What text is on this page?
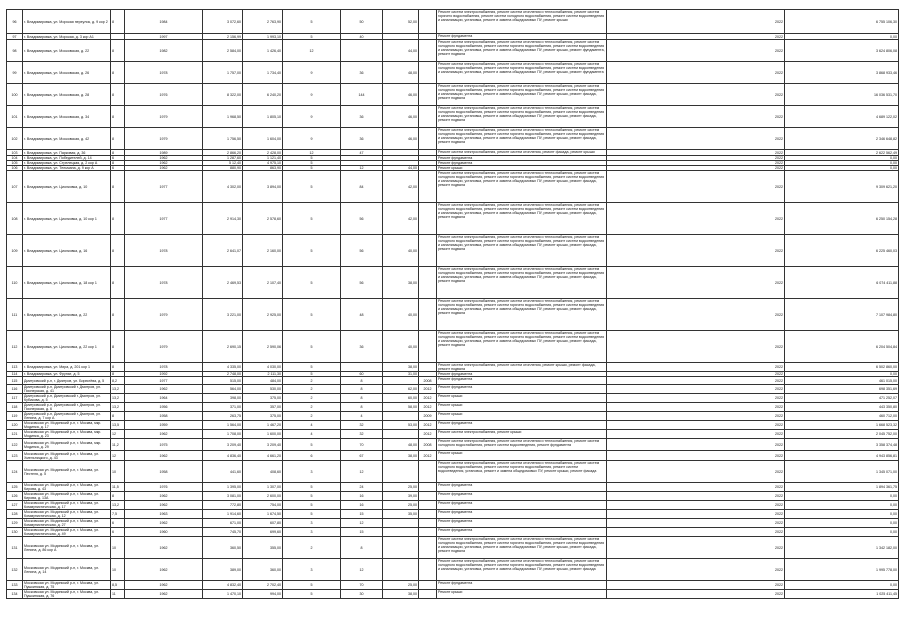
96	г. Владимировка, ул. Морская переулок, д. 9 кор 2	8	1984	3 072,60	2 763,90	5	50	52,00		Ремонт систем электроснабжения, ремонт систем отопления и теплоснабжения, ремонт систем горячего водоснабжения, ремонт систем холодного водоснабжения, ремонт систем водоотведения и канализации, установка, ремонт и замена общедомовых ПУ, ремонт крыши	2022	6 755 106,30
97	г. Владимировка, ул. Морская, д. 3 кор А1		1997	2 156,99	1 993,10	5	40			Ремонт фундамента	2022	0,00
98	г. Владимировка, ул. Московская, д. 22	8	1982	2 584,00	1 426,40	12		44,00		Ремонт систем электроснабжения, ремонт систем отопления и теплоснабжения, ремонт систем холодного водоснабжения, ремонт систем горячего водоснабжения, ремонт систем водоотведения и канализации, установка, ремонт и замена общедомовых ПУ, ремонт крыши, ремонт фундамента, ремонт подвала	2022	3 624 806,08
99	г. Владимировка, ул. Московская, д. 26	8	1978	1 757,00	1 734,40	9	36	48,00		Ремонт систем электроснабжения, ремонт систем отопления и теплоснабжения, ремонт систем холодного водоснабжения, ремонт систем горячего водоснабжения, ремонт систем водоотведения и канализации, установка, ремонт и замена общедомовых ПУ, ремонт крыши, ремонт фундамента	2022	3 868 933,46
100	г. Владимировка, ул. Московская, д. 28	8	1976	8 322,00	6 240,20	9	144	46,00		Ремонт систем электроснабжения, ремонт систем отопления и теплоснабжения, ремонт систем холодного водоснабжения, ремонт систем горячего водоснабжения, ремонт систем водоотведения и канализации, установка, ремонт и замена общедомовых ПУ, ремонт крыши, ремонт фасада, ремонт подвала	2022	16 036 531,70
101	г. Владимировка, ул. Московская, д. 34	8	1979	1 968,50	1 805,10	9	36	46,00		Ремонт систем электроснабжения, ремонт систем отопления и теплоснабжения, ремонт систем холодного водоснабжения, ремонт систем горячего водоснабжения, ремонт систем водоотведения и канализации, установка, ремонт и замена общедомовых ПУ, ремонт крыши, ремонт фасада, ремонт подвала	2022	4 689 122,02
102	г. Владимировка, ул. Московская, д. 42	8	1979	1 756,50	1 604,00	9	36	46,00		Ремонт систем электроснабжения, ремонт систем отопления и теплоснабжения, ремонт систем холодного водоснабжения, ремонт систем горячего водоснабжения, ремонт систем водоотведения и канализации, установка, ремонт и замена общедомовых ПУ, ремонт крыши, ремонт фасада, ремонт подвала	2022	2 346 648,82
103	г. Владимировка, ул. Парковая, д. 36	8	1989	2 866,20	2 428,00	12	47			Ремонт систем электроснабжения, ремонт систем отопления, ремонт фасада, ремонт крыши	2022	2 622 562,49
104	г. Владимировка, ул. Победителей, д. 14	6	1962	1 287,60	1 121,40	5				Ремонт фундамента	2022	0,00
105	г. Владимировка, ул. Стрелецкая, д. 2 кор А	8	1962	5 12,40	4 975,10	5				Ремонт фундамента	2022	0,00
106	г. Владимировка, ул. Тельмана, д. 9 кор А	6	1962	880,90	863,90	5	12	44,00		Ремонт крыши	2022	0,00
107	г. Владимировка, ул. Циолковка, д. 10	8	1977	4 302,00	3 894,00	5	84	42,00		Ремонт систем электроснабжения, ремонт систем отопления и теплоснабжения, ремонт систем холодного водоснабжения, ремонт систем горячего водоснабжения, ремонт систем водоотведения и канализации, установка, ремонт и замена общедомовых ПУ, ремонт крыши, ремонт фасада, ремонт подвала	2022	9 309 621,20
108	г. Владимировка, ул. Циолковка, д. 10 кор 1	8	1977	2 914,30	2 578,60	5	56	42,00		Ремонт систем электроснабжения, ремонт систем отопления и теплоснабжения, ремонт систем холодного водоснабжения, ремонт систем горячего водоснабжения, ремонт систем водоотведения и канализации, установка, ремонт и замена общедомовых ПУ, ремонт крыши, ремонт фасада, ремонт подвала	2022	6 250 154,28
109	г. Владимировка, ул. Циолковка, д. 16	8	1978	2 641,07	2 160,00	5	56	40,00		Ремонт систем электроснабжения, ремонт систем отопления и теплоснабжения, ремонт систем холодного водоснабжения, ремонт систем горячего водоснабжения, ремонт систем водоотведения и канализации, установка, ремонт и замена общедомовых ПУ, ремонт крыши, ремонт фасада, ремонт подвала	2022	6 225 460,03
110	г. Владимировка, ул. Циолковка, д. 18 кор 1	8	1978	2 469,53	2 107,40	5	56	38,00		Ремонт систем электроснабжения, ремонт систем отопления и теплоснабжения, ремонт систем холодного водоснабжения, ремонт систем горячего водоснабжения, ремонт систем водоотведения и канализации, установка, ремонт и замена общедомовых ПУ, ремонт крыши, ремонт фасада, ремонт подвала	2022	6 074 411,88
111	г. Владимировка, ул. Циолковка, д. 22	8	1979	3 221,00	2 925,00	5	48	40,00		Ремонт систем электроснабжения, ремонт систем отопления и теплоснабжения, ремонт систем холодного водоснабжения, ремонт систем горячего водоснабжения, ремонт систем водоотведения и канализации, установка, ремонт и замена общедомовых ПУ, ремонт крыши, ремонт фасада, ремонт подвала	2022	7 107 984,80
112	г. Владимировка, ул. Циолковка, д. 22 кор 1	8	1979	2 690,15	2 590,06	5	36	40,00		Ремонт систем электроснабжения, ремонт систем отопления и теплоснабжения, ремонт систем холодного водоснабжения, ремонт систем горячего водоснабжения, ремонт систем водоотведения и канализации, установка, ремонт и замена общедомовых ПУ, ремонт крыши, ремонт фасада, ремонт подвала	2022	6 204 504,84
113	г. Владимировка, ул. Мира, д. 201 кор 1	8	1978	4 335,00	4 030,00	5		38,00		Ремонт систем электроснабжения, ремонт систем отопления, ремонт крыши, ремонт фасада, ремонт подвала	2022	6 502 860,00
114	г. Владимировка, ул. Фрунзе, д. 5	8	1992	2 748,00	2 111,30	5	60	31,00		Ремонт фундамента	2022	0,00
115	Дмитровский р-н, г. Дмитров, ул. Бирюлёва, д. 5	8,2	1977	515,00	484,00	2	8		2008	Ремонт фундамента	2022	461 015,00
116	Дмитровский р-н, Дмитровский г. Дмитров, ул. Пионерская, д. 41	13,2	1962	564,00	530,00	2	8	62,00	2012	Ремонт фундамента	2022	698 351,69
117	Дмитровский р-н, Дмитровский г. Дмитров, ул. Кубикова, д. 5	13,2	1964	398,00	375,00	2	8	60,00	2012	Ремонт крыши	2022	471 252,07
118	Дмитровский р-н, Дмитровский г. Дмитров, ул. Пионерская, д. 6	13,2	1956	371,00	357,00	2	8	58,00	2012	Ремонт крыши	2022	443 350,80
119	Дмитровский р-н, Дмитровский г. Дмитров, ул. Ленина, д. 7 кор А	8	1958	263,75	375,00	2	4		2009	Ремонт крыши	2022	460 712,00
120	Московская ул. Модинский р-н, г. Москва, мкр. Модинка, д. 17	13,5	1959	1 564,00	1 467,20	4	32	53,00	2012	Ремонт фундамента	2022	1 668 523,32
121	Московская ул. Модинский р-н, г. Москва, мкр. Модинка, д. 23	12	1962	1 708,00	1 600,00	4	32		2012	Ремонт систем электроснабжения, ремонт крыши	2022	2 045 752,00
122	Московская ул. Модинский р-н, г. Москва, мкр. Модинка, д. 29	11,2	1975	3 209,40	3 209,40	5	70	48,00	2008	Ремонт систем электроснабжения, ремонт систем отопления и теплоснабжения, ремонт систем холодного водоснабжения, ремонт систем водоотведения, ремонт фундамента	2022	3 358 374,48
123	Московская ул. Модинский р-н, г. Москва, ул. Хмельницкого, д. 43	12	1962	4 836,40	4 661,20	6	67	38,00	2012	Ремонт крыши	2022	4 943 856,81
124	Московская ул. Модинский р-н, г. Москва, ул. Пестеля, д. 5	10	1958	441,60	408,60	3	12			Ремонт систем электроснабжения, ремонт систем отопления и теплоснабжения, ремонт систем холодного водоснабжения, ремонт систем горячего водоснабжения, ремонт систем водоотведения, установка, ремонт и замена общедомовых ПУ, ремонт крыши, ремонт фасада	2022	1 345 071,00
125	Московская ул. Модинский р-н, г. Москва, ул. Кирова, д. 43	11,5	1976	1 395,00	1 307,00	5	24	25,00		Ремонт фундамента	2022	1 894 361,75
126	Московская ул. Модинский р-н, г. Москва, ул. Кирова, д. 13А	8	1962	3 081,00	2 600,00	5	16	39,00		Ремонт фундамента	2022	0,00
127	Московская ул. Модинский р-н, г. Москва, ул. Коммунистическая, д. 17	13,2	1962	772,80	754,00	5	16	25,00		Ремонт фундамента	2022	0,00
128	Московская ул. Модинский р-н, г. Москва, ул. Коммунистическая, д. 12	7,5	1963	1 914,60	1 674,50	5	15	35,00		Ремонт фундамента	2022	0,00
129	Московская ул. Модинский р-н, г. Москва, ул. Коммунистическая, д. 27	6	1962	671,00	607,80	3	12			Ремонт фундамента	2022	0,00
130	Московская ул. Модинский р-н, г. Москва, ул. Коммунистическая, д. 49	6	1960	745,70	699,60	3	15			Ремонт фундамента	2022	0,00
131	Московская ул. Модинский р-н, г. Москва, ул. Ленина, д. 86 кор А	10	1962	360,50	355,00	2	8			Ремонт систем электроснабжения, ремонт систем отопления и теплоснабжения, ремонт систем холодного водоснабжения, ремонт систем горячего водоснабжения, ремонт систем водоотведения и канализации, установка, ремонт и замена общедомовых ПУ, ремонт крыши, ремонт фасада, ремонт подвала	2022	1 342 182,00
132	Московская ул. Модинский р-н, г. Москва, ул. Ленина, д. 14	10	1962	389,00	360,00	3	12			Ремонт систем электроснабжения, ремонт систем отопления и теплоснабжения, ремонт систем холодного водоснабжения, ремонт систем горячего водоснабжения, ремонт систем водоотведения и канализации, установка, ремонт и замена общедомовых ПУ, ремонт крыши, ремонт фасада	2022	1 995 778,00
133	Московская ул. Модинский р-н, г. Москва, ул. Пушкинская, д. 75	8,5	1962	4 832,40	2 702,40	5	70	25,00		Ремонт фундамента	2022	0,00
134	Московская ул. Модинский р-н, г. Москва, ул. Пушкинская, д. 76	11	1962	1 470,10	994,00	5	30	38,00		Ремонт крыши	2022	1 025 411,45
